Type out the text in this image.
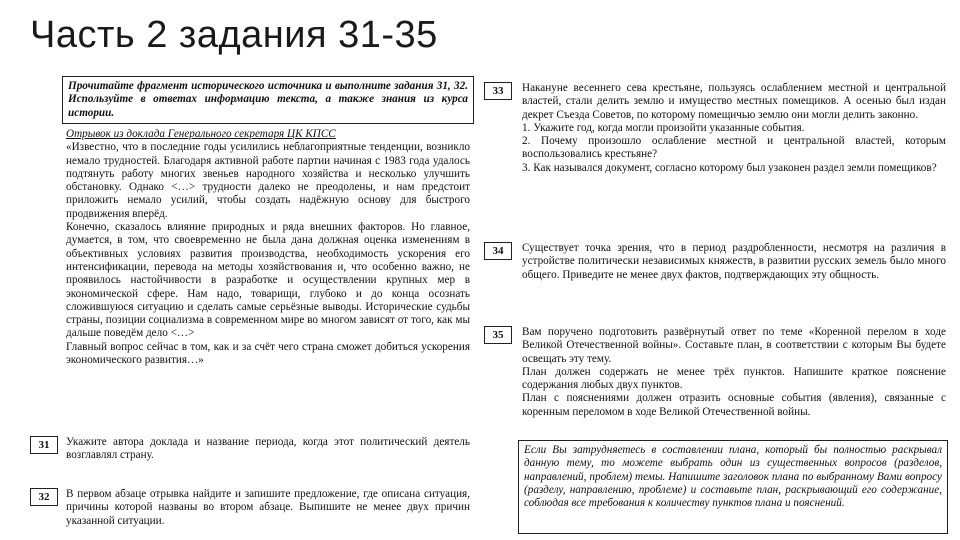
Часть 2 задания 31-35

Прочитайте фрагмент исторического источника и выполните задания 31, 32. Используйте в ответах информацию текста, а также знания из курса истории.

Отрывок из доклада Генерального секретаря ЦК КПСС

«Известно, что в последние годы усилились неблагоприятные тенденции, возникло немало трудностей. Благодаря активной работе партии начиная с 1983 года удалось подтянуть работу многих звеньев народного хозяйства и несколько улучшить обстановку. Однако <…> трудности далеко не преодолены, и нам предстоит приложить немало усилий, чтобы создать надёжную основу для быстрого продвижения вперёд.

Конечно, сказалось влияние природных и ряда внешних факторов. Но главное, думается, в том, что своевременно не была дана должная оценка изменениям в объективных условиях развития производства, необходимость ускорения его интенсификации, перевода на методы хозяйствования и, что особенно важно, не проявилось настойчивости в разработке и осуществлении крупных мер в экономической сфере. Нам надо, товарищи, глубоко и до конца осознать сложившуюся ситуацию и сделать самые серьёзные выводы. Исторические судьбы страны, позиции социализма в современном мире во многом зависят от того, как мы дальше поведём дело <…>

Главный вопрос сейчас в том, как и за счёт чего страна сможет добиться ускорения экономического развития…»

31	Укажите автора доклада и название периода, когда этот политический деятель возглавлял страну.

32	В первом абзаце отрывка найдите и запишите предложение, где описана ситуация, причины которой названы во втором абзаце. Выпишите не менее двух причин указанной ситуации.

33	Накануне весеннего сева крестьяне, пользуясь ослаблением местной и центральной властей, стали делить землю и имущество местных помещиков. А осенью был издан декрет Съезда Советов, по которому помещичью землю они могли делить законно.

1. Укажите год, когда могли произойти указанные события.

2. Почему произошло ослабление местной и центральной властей, которым воспользовались крестьяне?

3. Как назывался документ, согласно которому был узаконен раздел земли помещиков?

34	Существует точка зрения, что в период раздробленности, несмотря на различия в устройстве политически независимых княжеств, в развитии русских земель было много общего. Приведите не менее двух фактов, подтверждающих эту общность.

35	Вам поручено подготовить развёрнутый ответ по теме «Коренной перелом в ходе Великой Отечественной войны». Составьте план, в соответствии с которым Вы будете освещать эту тему.

План должен содержать не менее трёх пунктов. Напишите краткое пояснение содержания любых двух пунктов.

План с пояснениями должен отразить основные события (явления), связанные с коренным переломом в ходе Великой Отечественной войны.

Если Вы затрудняетесь в составлении плана, который бы полностью раскрывал данную тему, то можете выбрать один из существенных вопросов (разделов, направлений, проблем) темы. Напишите заголовок плана по выбранному Вами вопросу (разделу, направлению, проблеме) и составьте план, раскрывающий его содержание, соблюдая все требования к количеству пунктов плана и пояснений.
